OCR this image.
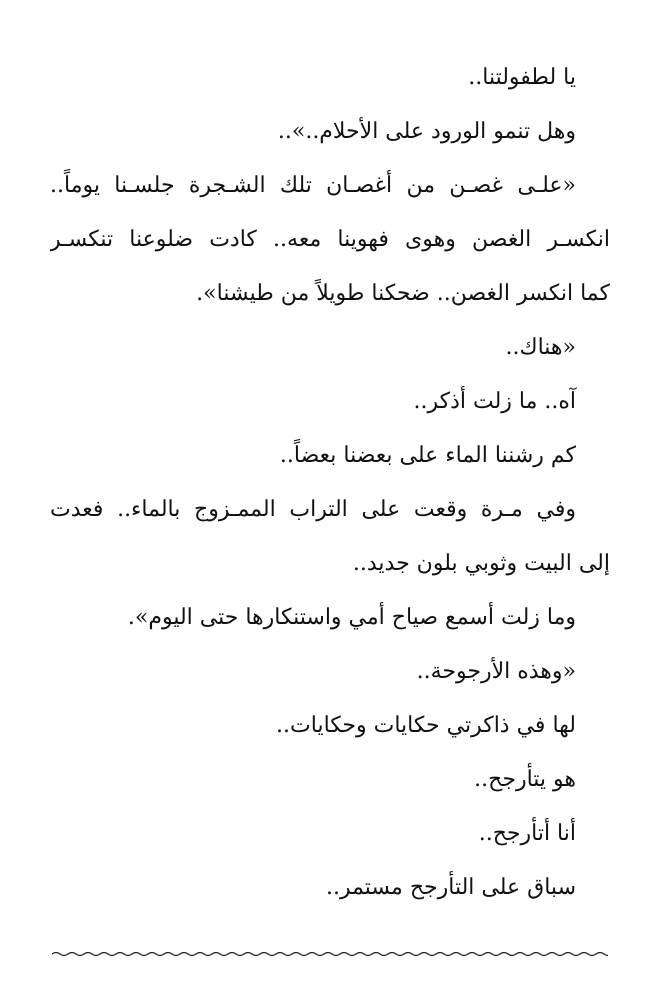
يا لطفولتنا..
وهل تنمو الورود على الأحلام..»..
«علـى غصـن من أغصـان تلك الشـجرة جلسـنا يوماً..
انكسـر الغصن وهوى فهوينا معه.. كادت ضلوعنا تنكسـر
كما انكسر الغصن.. ضحكنا طويلاً من طيشنا».
«هناك..
آه.. ما زلت أذكر..
كم رشننا الماء على بعضنا بعضاً..
وفي مـرة وقعت على التراب الممـزوج بالماء.. فعدت
إلى البيت وثوبي بلون جديد..
وما زلت أسمع صياح أمي واستنكارها حتى اليوم».
«وهذه الأرجوحة..
لها في ذاكرتي حكايات وحكايات..
هو يتأرجح..
أنا أتأرجح..
سباق على التأرجح مستمر..
